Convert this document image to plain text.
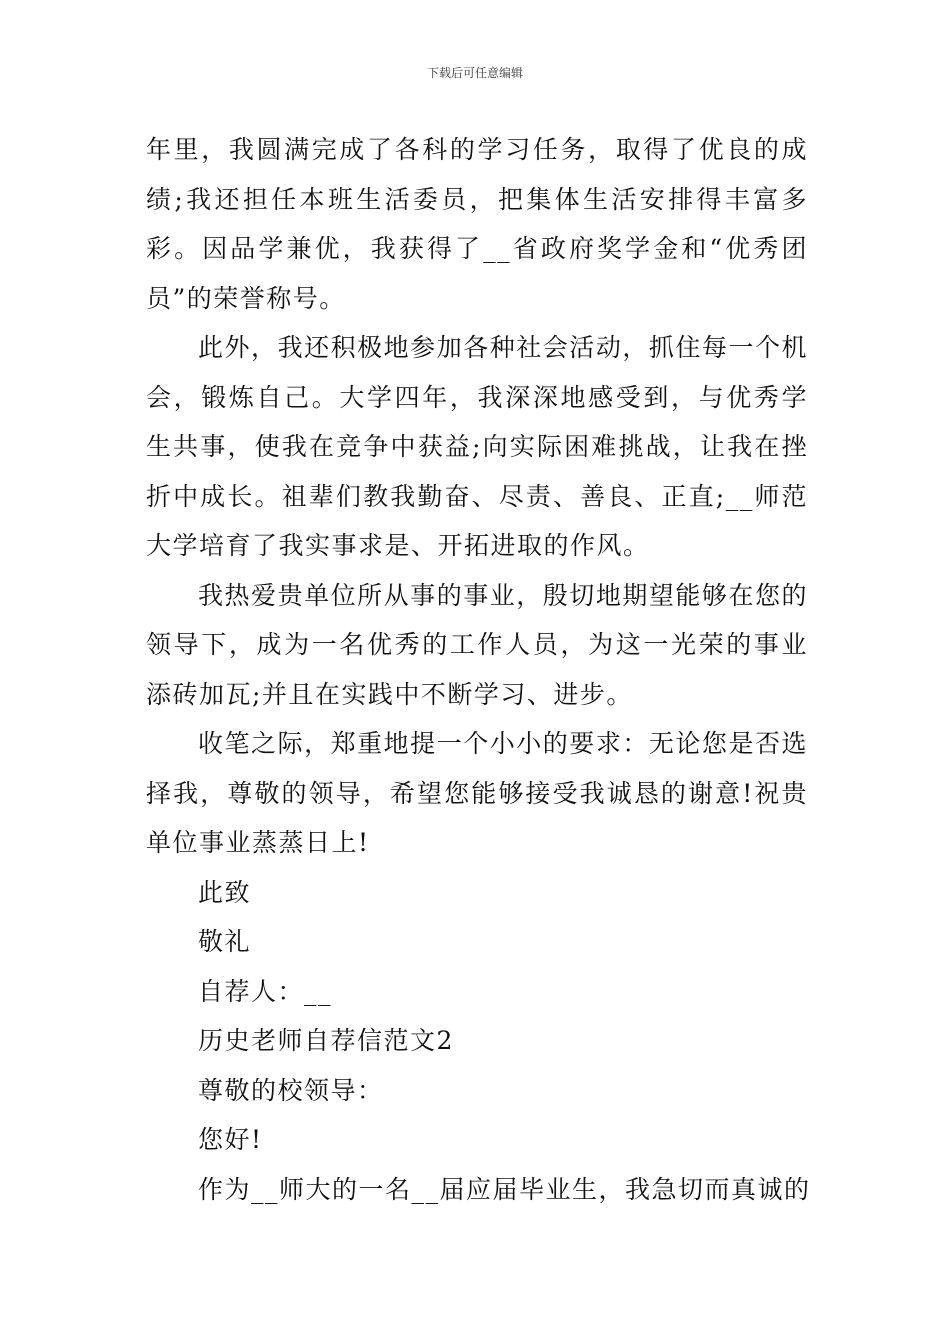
下载后可任意编辑

年里，我圆满完成了各科的学习任务，取得了优良的成绩;我还担任本班生活委员，把集体生活安排得丰富多彩。因品学兼优，我获得了__省政府奖学金和“优秀团员”的荣誉称号。

此外，我还积极地参加各种社会活动，抓住每一个机会，锻炼自己。大学四年，我深深地感受到，与优秀学生共事，使我在竞争中获益;向实际困难挑战，让我在挫折中成长。祖辈们教我勤奋、尽责、善良、正直;__师范大学培育了我实事求是、开拓进取的作风。

我热爱贵单位所从事的事业，殷切地期望能够在您的领导下，成为一名优秀的工作人员，为这一光荣的事业添砖加瓦;并且在实践中不断学习、进步。

收笔之际，郑重地提一个小小的要求：无论您是否选择我，尊敬的领导，希望您能够接受我诚恳的谢意!祝贵单位事业蒸蒸日上!

此致

敬礼

自荐人：__

历史老师自荐信范文2

尊敬的校领导：

您好!

作为__师大的一名__届应届毕业生，我急切而真诚的
